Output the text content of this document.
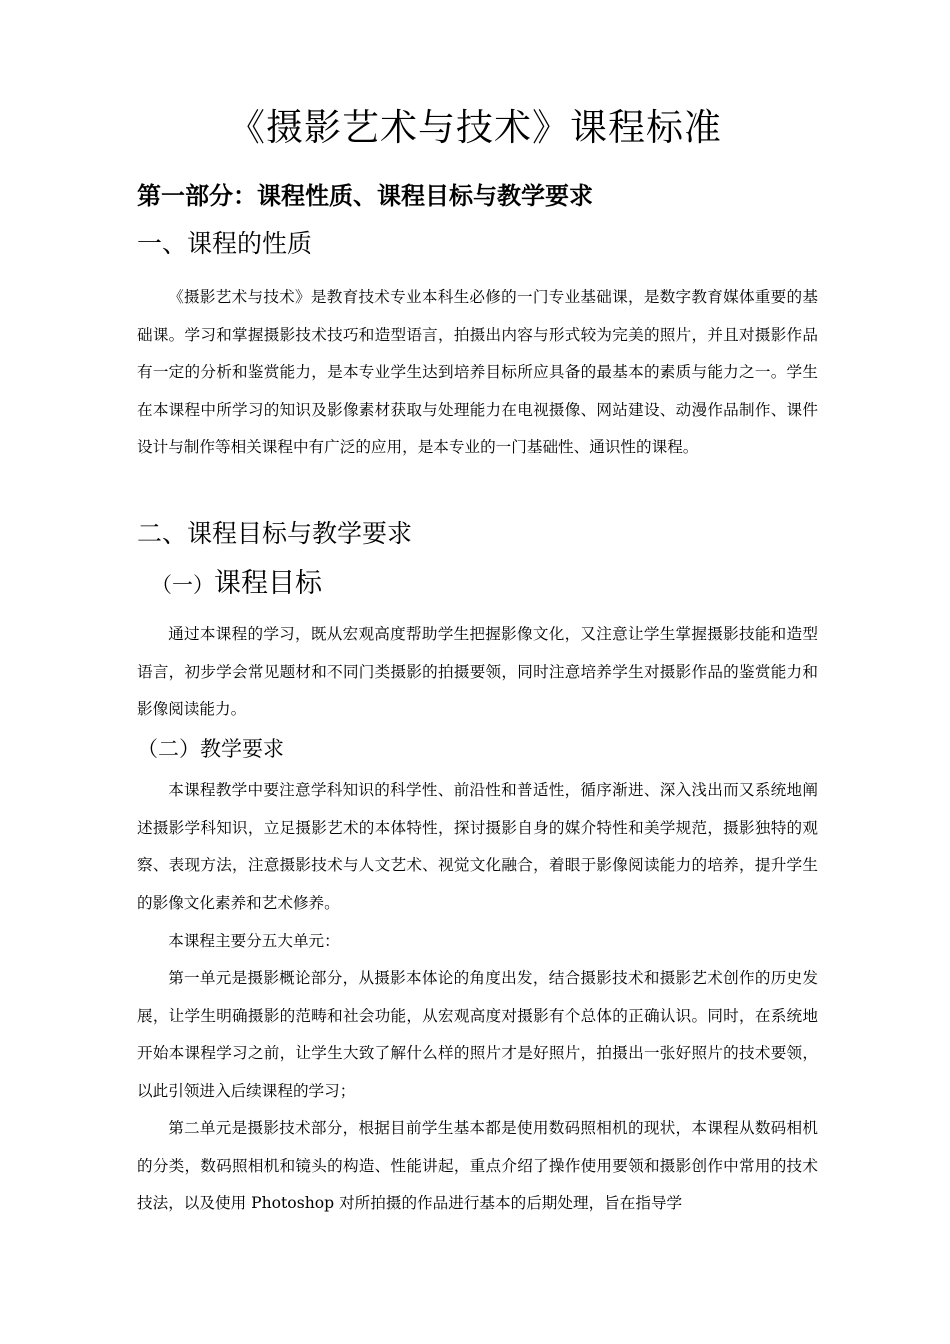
《摄影艺术与技术》课程标准
第一部分：课程性质、课程目标与教学要求
一、课程的性质

《摄影艺术与技术》是教育技术专业本科生必修的一门专业基础课，是数字教育媒体重要的基础课。学习和掌握摄影技术技巧和造型语言，拍摄出内容与形式较为完美的照片，并且对摄影作品有一定的分析和鉴赏能力，是本专业学生达到培养目标所应具备的最基本的素质与能力之一。学生在本课程中所学习的知识及影像素材获取与处理能力在电视摄像、网站建设、动漫作品制作、课件设计与制作等相关课程中有广泛的应用，是本专业的一门基础性、通识性的课程。

二、课程目标与教学要求
（一）课程目标

通过本课程的学习，既从宏观高度帮助学生把握影像文化，又注意让学生掌握摄影技能和造型语言，初步学会常见题材和不同门类摄影的拍摄要领，同时注意培养学生对摄影作品的鉴赏能力和影像阅读能力。

（二）教学要求

本课程教学中要注意学科知识的科学性、前沿性和普适性，循序渐进、深入浅出而又系统地阐述摄影学科知识，立足摄影艺术的本体特性，探讨摄影自身的媒介特性和美学规范，摄影独特的观察、表现方法，注意摄影技术与人文艺术、视觉文化融合，着眼于影像阅读能力的培养，提升学生的影像文化素养和艺术修养。

本课程主要分五大单元：

第一单元是摄影概论部分，从摄影本体论的角度出发，结合摄影技术和摄影艺术创作的历史发展，让学生明确摄影的范畴和社会功能，从宏观高度对摄影有个总体的正确认识。同时，在系统地开始本课程学习之前，让学生大致了解什么样的照片才是好照片，拍摄出一张好照片的技术要领，以此引领进入后续课程的学习；

第二单元是摄影技术部分，根据目前学生基本都是使用数码照相机的现状，本课程从数码相机的分类，数码照相机和镜头的构造、性能讲起，重点介绍了操作使用要领和摄影创作中常用的技术技法，以及使用 Photoshop 对所拍摄的作品进行基本的后期处理，旨在指导学
